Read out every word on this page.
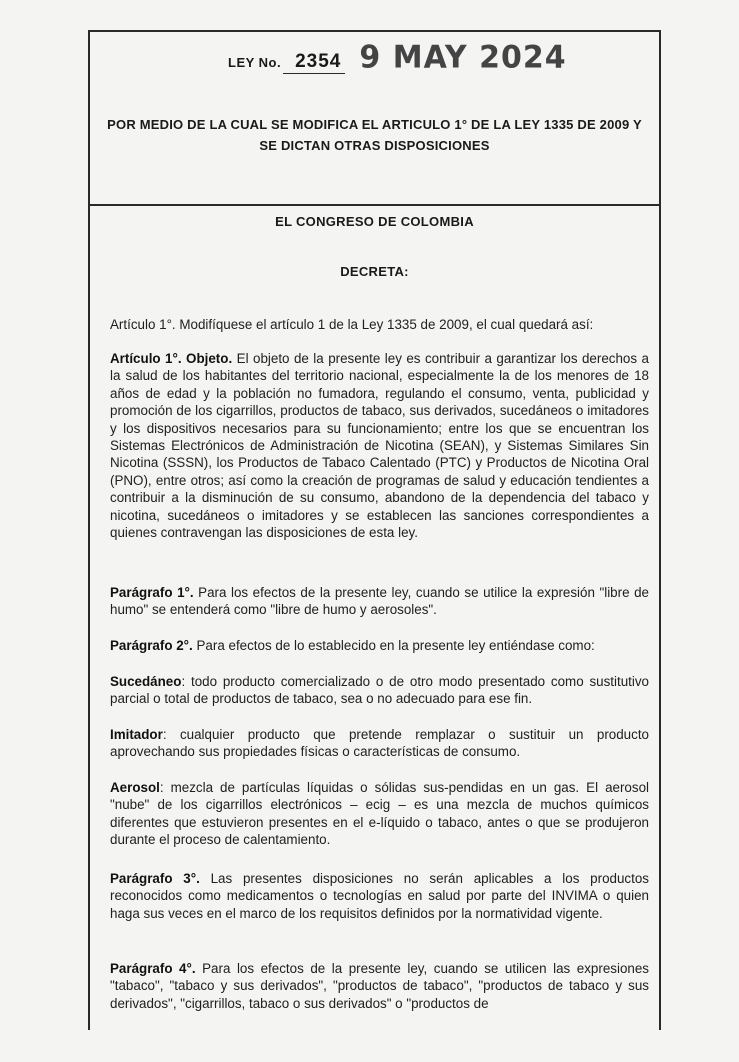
LEY No. 2354 9 MAY 2024
POR MEDIO DE LA CUAL SE MODIFICA EL ARTICULO 1° DE LA LEY 1335 DE 2009 Y SE DICTAN OTRAS DISPOSICIONES
EL CONGRESO DE COLOMBIA
DECRETA:
Artículo 1°. Modifíquese el artículo 1 de la Ley 1335 de 2009, el cual quedará así:
Artículo 1°. Objeto. El objeto de la presente ley es contribuir a garantizar los derechos a la salud de los habitantes del territorio nacional, especialmente la de los menores de 18 años de edad y la población no fumadora, regulando el consumo, venta, publicidad y promoción de los cigarrillos, productos de tabaco, sus derivados, sucedáneos o imitadores y los dispositivos necesarios para su funcionamiento; entre los que se encuentran los Sistemas Electrónicos de Administración de Nicotina (SEAN), y Sistemas Similares Sin Nicotina (SSSN), los Productos de Tabaco Calentado (PTC) y Productos de Nicotina Oral (PNO), entre otros; así como la creación de programas de salud y educación tendientes a contribuir a la disminución de su consumo, abandono de la dependencia del tabaco y nicotina, sucedáneos o imitadores y se establecen las sanciones correspondientes a quienes contravengan las disposiciones de esta ley.
Parágrafo 1°. Para los efectos de la presente ley, cuando se utilice la expresión "libre de humo" se entenderá como "libre de humo y aerosoles".
Parágrafo 2°. Para efectos de lo establecido en la presente ley entiéndase como:
Sucedáneo: todo producto comercializado o de otro modo presentado como sustitutivo parcial o total de productos de tabaco, sea o no adecuado para ese fin.
Imitador: cualquier producto que pretende remplazar o sustituir un producto aprovechando sus propiedades físicas o características de consumo.
Aerosol: mezcla de partículas líquidas o sólidas sus-pendidas en un gas. El aerosol "nube" de los cigarrillos electrónicos – ecig – es una mezcla de muchos químicos diferentes que estuvieron presentes en el e-líquido o tabaco, antes o que se produjeron durante el proceso de calentamiento.
Parágrafo 3°. Las presentes disposiciones no serán aplicables a los productos reconocidos como medicamentos o tecnologías en salud por parte del INVIMA o quien haga sus veces en el marco de los requisitos definidos por la normatividad vigente.
Parágrafo 4°. Para los efectos de la presente ley, cuando se utilicen las expresiones "tabaco", "tabaco y sus derivados", "productos de tabaco", "productos de tabaco y sus derivados", "cigarrillos, tabaco o sus derivados" o "productos de
